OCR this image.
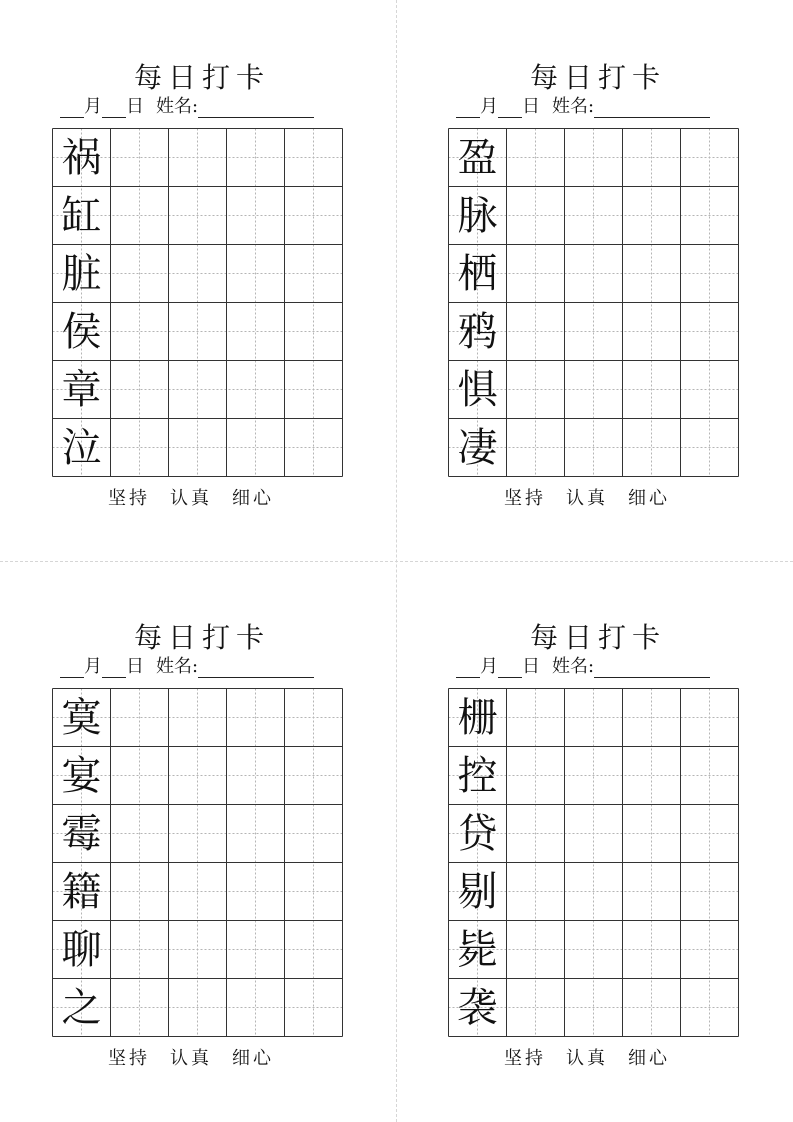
每日打卡
月 日 姓名:
祸
缸
脏
侯
章
泣
坚持 认真 细心
每日打卡
月 日 姓名:
盈
脉
栖
鸦
惧
凄
坚持 认真 细心
每日打卡
月 日 姓名:
寞
宴
霉
籍
聊
之
坚持 认真 细心
每日打卡
月 日 姓名:
栅
控
贷
剔
毙
袭
坚持 认真 细心
